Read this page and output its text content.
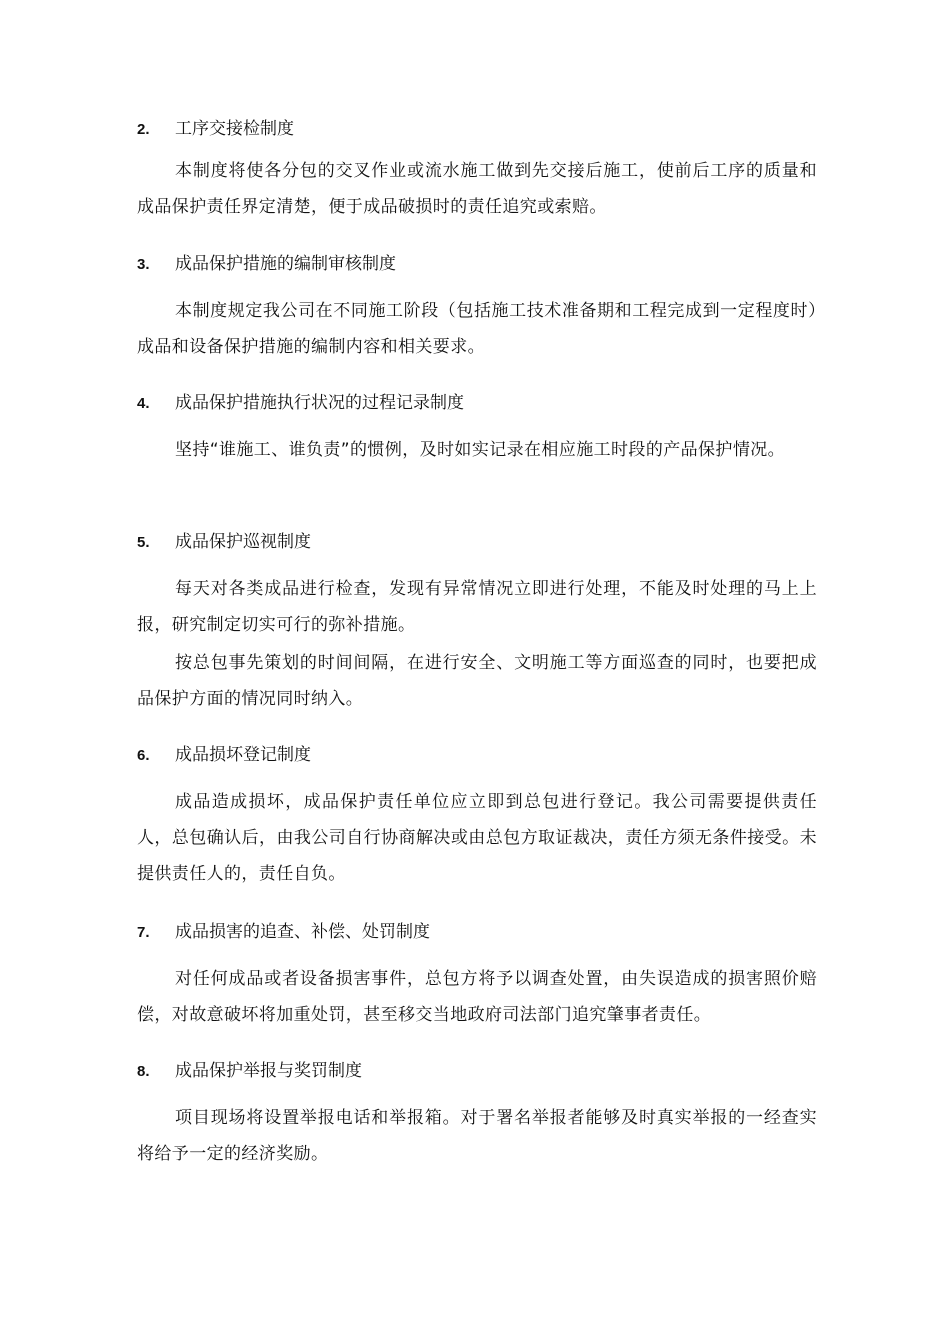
2. 工序交接检制度

本制度将使各分包的交叉作业或流水施工做到先交接后施工，使前后工序的质量和成品保护责任界定清楚，便于成品破损时的责任追究或索赔。

3. 成品保护措施的编制审核制度

本制度规定我公司在不同施工阶段（包括施工技术准备期和工程完成到一定程度时）成品和设备保护措施的编制内容和相关要求。

4. 成品保护措施执行状况的过程记录制度

坚持“谁施工、谁负责”的惯例，及时如实记录在相应施工时段的产品保护情况。

5. 成品保护巡视制度

每天对各类成品进行检查，发现有异常情况立即进行处理，不能及时处理的马上上报，研究制定切实可行的弥补措施。

按总包事先策划的时间间隔，在进行安全、文明施工等方面巡查的同时，也要把成品保护方面的情况同时纳入。

6. 成品损坏登记制度

成品造成损坏，成品保护责任单位应立即到总包进行登记。我公司需要提供责任人，总包确认后，由我公司自行协商解决或由总包方取证裁决，责任方须无条件接受。未提供责任人的，责任自负。

7. 成品损害的追查、补偿、处罚制度

对任何成品或者设备损害事件，总包方将予以调查处置，由失误造成的损害照价赔偿，对故意破坏将加重处罚，甚至移交当地政府司法部门追究肇事者责任。

8. 成品保护举报与奖罚制度

项目现场将设置举报电话和举报箱。对于署名举报者能够及时真实举报的一经查实将给予一定的经济奖励。
